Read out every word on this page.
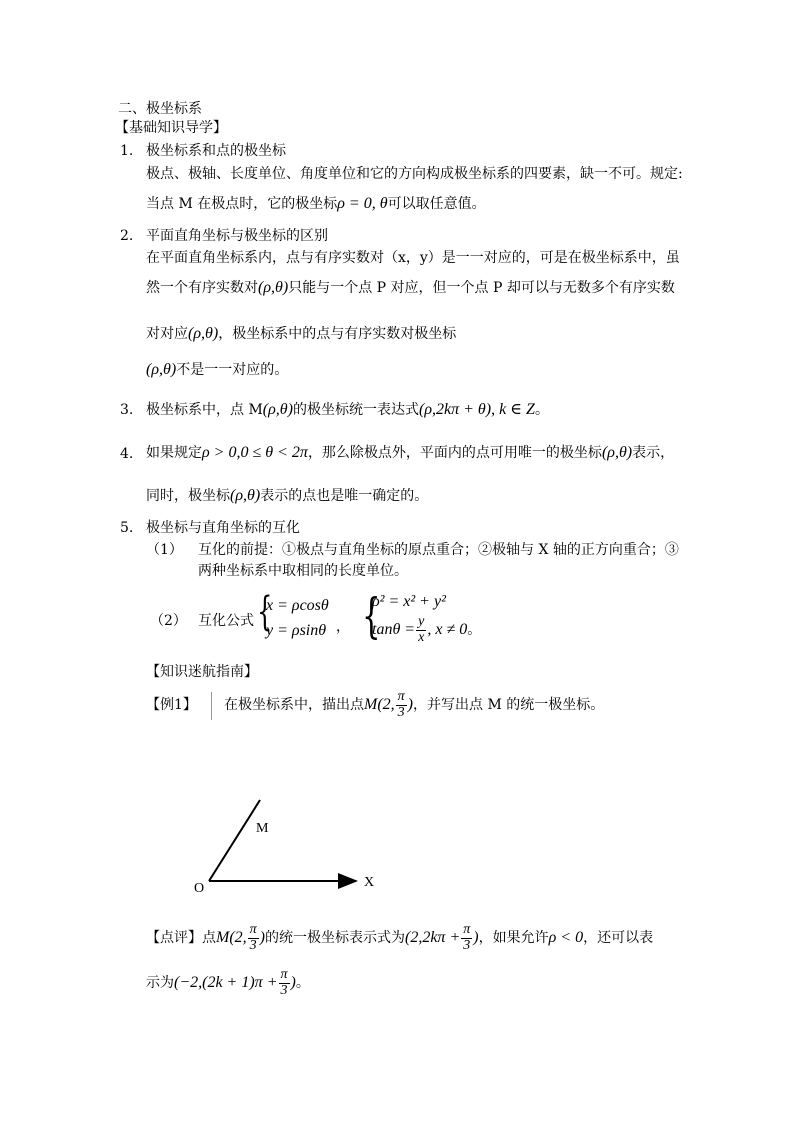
二、极坐标系
【基础知识导学】
1. 极坐标系和点的极坐标
极点、极轴、长度单位、角度单位和它的方向构成极坐标系的四要素，缺一不可。规定:
当点 M 在极点时，它的极坐标ρ = 0, θ可以取任意值。
2. 平面直角坐标与极坐标的区别
在平面直角坐标系内，点与有序实数对（x，y）是一一对应的，可是在极坐标系中，虽
然一个有序实数对(ρ,θ)只能与一个点 P 对应，但一个点 P 却可以与无数多个有序实数
对对应(ρ,θ)，极坐标系中的点与有序实数对极坐标
(ρ,θ)不是一一对应的。
3. 极坐标系中，点 M(ρ,θ)的极坐标统一表达式(ρ,2kπ + θ), k ∈ Z。
4. 如果规定ρ > 0,0 ≤ θ < 2π，那么除极点外，平面内的点可用唯一的极坐标(ρ,θ)表示，
同时，极坐标(ρ,θ)表示的点也是唯一确定的。
5. 极坐标与直角坐标的互化
（1） 互化的前提：①极点与直角坐标的原点重合；②极轴与 X 轴的正方向重合；③
两种坐标系中取相同的长度单位。
（2） 互化公式 {
x = ρcosθ
y = ρsinθ ， {
ρ² = x² + y²
$\tan\theta = \frac{y}{x}$ , x ≠ 0。
【知识迷航指南】
【例1】 在极坐标系中，描出点M(2, $\frac{\pi}{3}$ )，并写出点 M 的统一极坐标。
M
O	X
【点评】点M(2, $\frac{\pi}{3}$ )的统一极坐标表示式为($2,2k\pi + \frac{\pi}{3}$ )，如果允许ρ < 0，还可以表
示为($-2,(2k + 1)\pi + \frac{\pi}{3}$ )。
